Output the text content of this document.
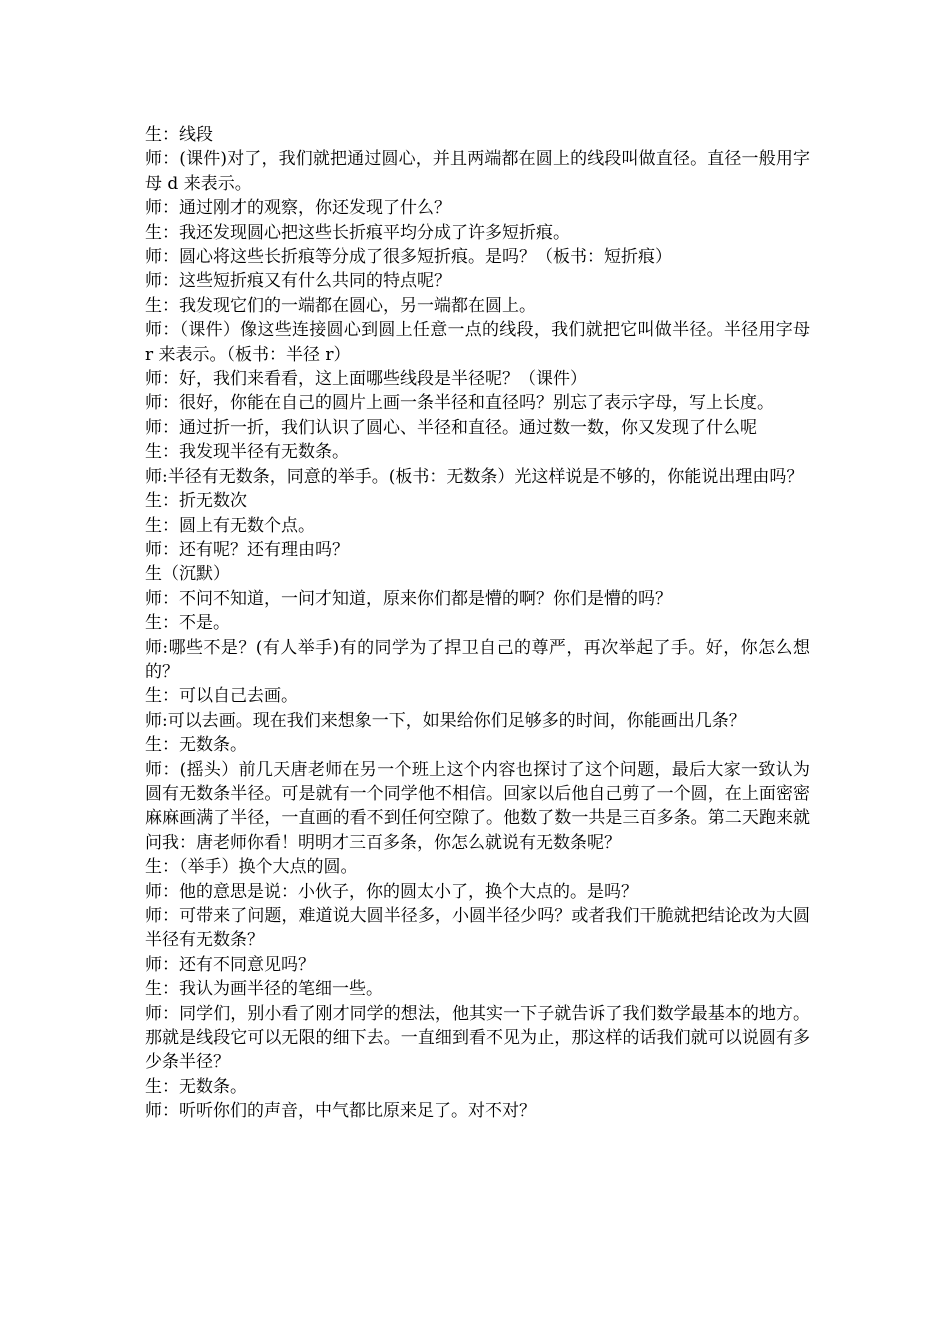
生：线段

师：(课件)对了，我们就把通过圆心，并且两端都在圆上的线段叫做直径。直径一般用字母 d 来表示。

师：通过刚才的观察，你还发现了什么？

生：我还发现圆心把这些长折痕平均分成了许多短折痕。

师：圆心将这些长折痕等分成了很多短折痕。是吗？（板书：短折痕）

师：这些短折痕又有什么共同的特点呢？

生：我发现它们的一端都在圆心，另一端都在圆上。

师：（课件）像这些连接圆心到圆上任意一点的线段，我们就把它叫做半径。半径用字母 r 来表示。（板书：半径 r）

师：好，我们来看看，这上面哪些线段是半径呢？（课件）

师：很好，你能在自己的圆片上画一条半径和直径吗？别忘了表示字母，写上长度。

师：通过折一折，我们认识了圆心、半径和直径。通过数一数，你又发现了什么呢

生：我发现半径有无数条。

师:半径有无数条，同意的举手。(板书：无数条）光这样说是不够的，你能说出理由吗？

生：折无数次

生：圆上有无数个点。

师：还有呢？还有理由吗？

生（沉默）

师：不问不知道，一问才知道，原来你们都是懵的啊？你们是懵的吗？

生：不是。

师:哪些不是？(有人举手)有的同学为了捍卫自己的尊严，再次举起了手。好，你怎么想的？

生：可以自己去画。

师:可以去画。现在我们来想象一下，如果给你们足够多的时间，你能画出几条？

生：无数条。

师：(摇头）前几天唐老师在另一个班上这个内容也探讨了这个问题，最后大家一致认为圆有无数条半径。可是就有一个同学他不相信。回家以后他自己剪了一个圆，在上面密密麻麻画满了半径，一直画的看不到任何空隙了。他数了数一共是三百多条。第二天跑来就问我：唐老师你看！明明才三百多条，你怎么就说有无数条呢？

生：（举手）换个大点的圆。

师：他的意思是说：小伙子，你的圆太小了，换个大点的。是吗？

师：可带来了问题，难道说大圆半径多，小圆半径少吗？或者我们干脆就把结论改为大圆半径有无数条？

师：还有不同意见吗？

生：我认为画半径的笔细一些。

师：同学们，别小看了刚才同学的想法，他其实一下子就告诉了我们数学最基本的地方。那就是线段它可以无限的细下去。一直细到看不见为止，那这样的话我们就可以说圆有多少条半径？

生：无数条。

师：听听你们的声音，中气都比原来足了。对不对？
